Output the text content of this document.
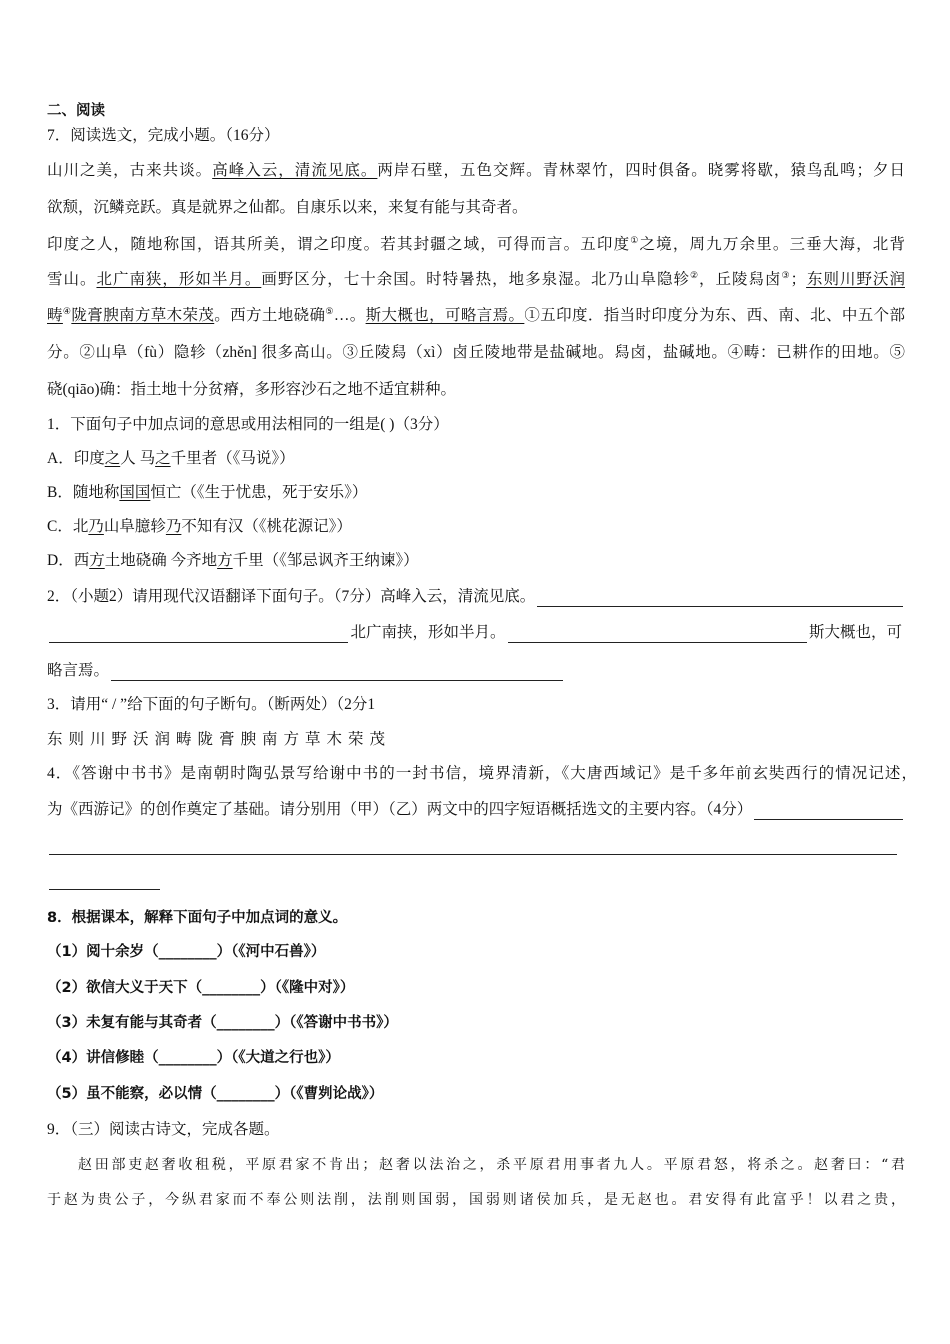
二、阅读
7．阅读选文，完成小题。（16分）
山川之美，古来共谈。高峰入云，清流见底。两岸石壁，五色交辉。青林翠竹，四时俱备。晓雾将歇，猿鸟乱鸣；夕日
欲颓，沉鳞竞跃。真是就界之仙都。自康乐以来，来复有能与其奇者。
印度之人，随地称国，语其所美，谓之印度。若其封疆之域，可得而言。五印度①之境，周九万余里。三垂大海，北背
雪山。北广南狭，形如半月。画野区分，七十余国。时特暑热，地多泉湿。北乃山阜隐轸②，丘陵舄卤③；东则川野沃润
畴④陇膏腴南方草木荣茂。西方土地硗确⑤…。斯大概也，可略言焉。①五印度．指当时印度分为东、西、南、北、中五个部
分。②山阜（fù）隐轸（zhěn] 很多高山。③丘陵舄（xì）卤丘陵地带是盐碱地。舄卤，盐碱地。④畴：已耕作的田地。⑤
硗(qiāo)确：指土地十分贫瘠，多形容沙石之地不适宜耕种。
1．下面句子中加点词的意思或用法相同的一组是( )（3分）
A．印度 之 人 马 之 千里者（《马说》）
B．随地称 国国 恒亡（《生于忧患，死于安乐》）
C．北 乃 山阜臆轸 乃 不知有汉（《桃花源记》）
D．西 方 土地硗确 今齐地 方 千里（《邹忌讽齐王纳谏》）
2．（小题2）请用现代汉语翻译下面句子。（7分）高峰入云，清流见底。
北广南挟，形如半月。	斯大概也，可
略言焉。
3．请用“ / ”给下面的句子断句。（断两处）（2分1
东则川野沃润畴陇膏腴南方草木荣茂
4．《答谢中书书》是南朝时陶弘景写给谢中书的一封书信，境界清新，《大唐西域记》是千多年前玄奘西行的情况记述，
为《西游记》的创作奠定了基础。请分别用（甲）（乙）两文中的四字短语概括选文的主要内容。（4分）
8．根据课本，解释下面句子中加点词的意义。
（1）阅十余岁（________）（《河中石兽》）
（2）欲信大义于天下（________）（《隆中对》）
（3）未复有能与其奇者（________）（《答谢中书书》）
（4）讲信修睦（________）（《大道之行也》）
（5）虽不能察，必以情（________）（《曹刿论战》）
9．（三）阅读古诗文，完成各题。
赵田部吏赵奢收租税，平原君家不肯出；赵奢以法治之，杀平原君用事者九人。平原君怒，将杀之。赵奢曰：“君
于赵为贵公子，今纵君家而不奉公则法削，法削则国弱，国弱则诸侯加兵，是无赵也。君安得有此富乎！以君之贵，
